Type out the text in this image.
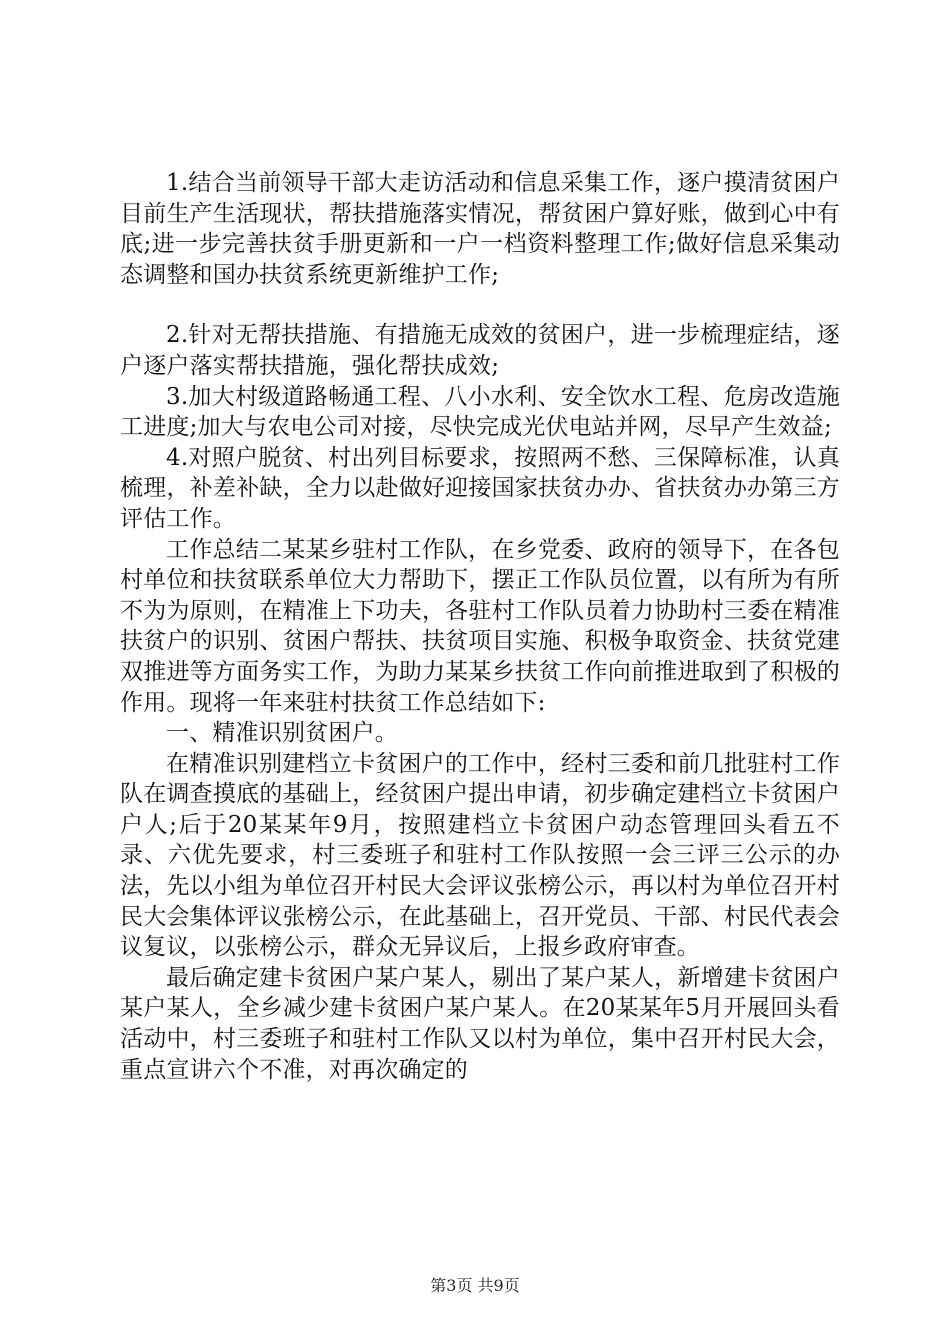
1.结合当前领导干部大走访活动和信息采集工作，逐户摸清贫困户目前生产生活现状，帮扶措施落实情况，帮贫困户算好账，做到心中有底;进一步完善扶贫手册更新和一户一档资料整理工作;做好信息采集动态调整和国办扶贫系统更新维护工作;

2.针对无帮扶措施、有措施无成效的贫困户，进一步梳理症结，逐户逐户落实帮扶措施，强化帮扶成效;

3.加大村级道路畅通工程、八小水利、安全饮水工程、危房改造施工进度;加大与农电公司对接，尽快完成光伏电站并网，尽早产生效益;

4.对照户脱贫、村出列目标要求，按照两不愁、三保障标准，认真梳理，补差补缺，全力以赴做好迎接国家扶贫办办、省扶贫办办第三方评估工作。

工作总结二某某乡驻村工作队，在乡党委、政府的领导下，在各包村单位和扶贫联系单位大力帮助下，摆正工作队员位置，以有所为有所不为为原则，在精准上下功夫，各驻村工作队员着力协助村三委在精准扶贫户的识别、贫困户帮扶、扶贫项目实施、积极争取资金、扶贫党建双推进等方面务实工作，为助力某某乡扶贫工作向前推进取到了积极的作用。现将一年来驻村扶贫工作总结如下:

一、精准识别贫困户。

在精准识别建档立卡贫困户的工作中，经村三委和前几批驻村工作队在调查摸底的基础上，经贫困户提出申请，初步确定建档立卡贫困户户人;后于20某某年9月，按照建档立卡贫困户动态管理回头看五不录、六优先要求，村三委班子和驻村工作队按照一会三评三公示的办法，先以小组为单位召开村民大会评议张榜公示，再以村为单位召开村民大会集体评议张榜公示，在此基础上，召开党员、干部、村民代表会议复议，以张榜公示，群众无异议后，上报乡政府审查。

最后确定建卡贫困户某户某人，剔出了某户某人，新增建卡贫困户某户某人，全乡减少建卡贫困户某户某人。在20某某年5月开展回头看活动中，村三委班子和驻村工作队又以村为单位，集中召开村民大会，重点宣讲六个不准，对再次确定的

第3页 共9页
